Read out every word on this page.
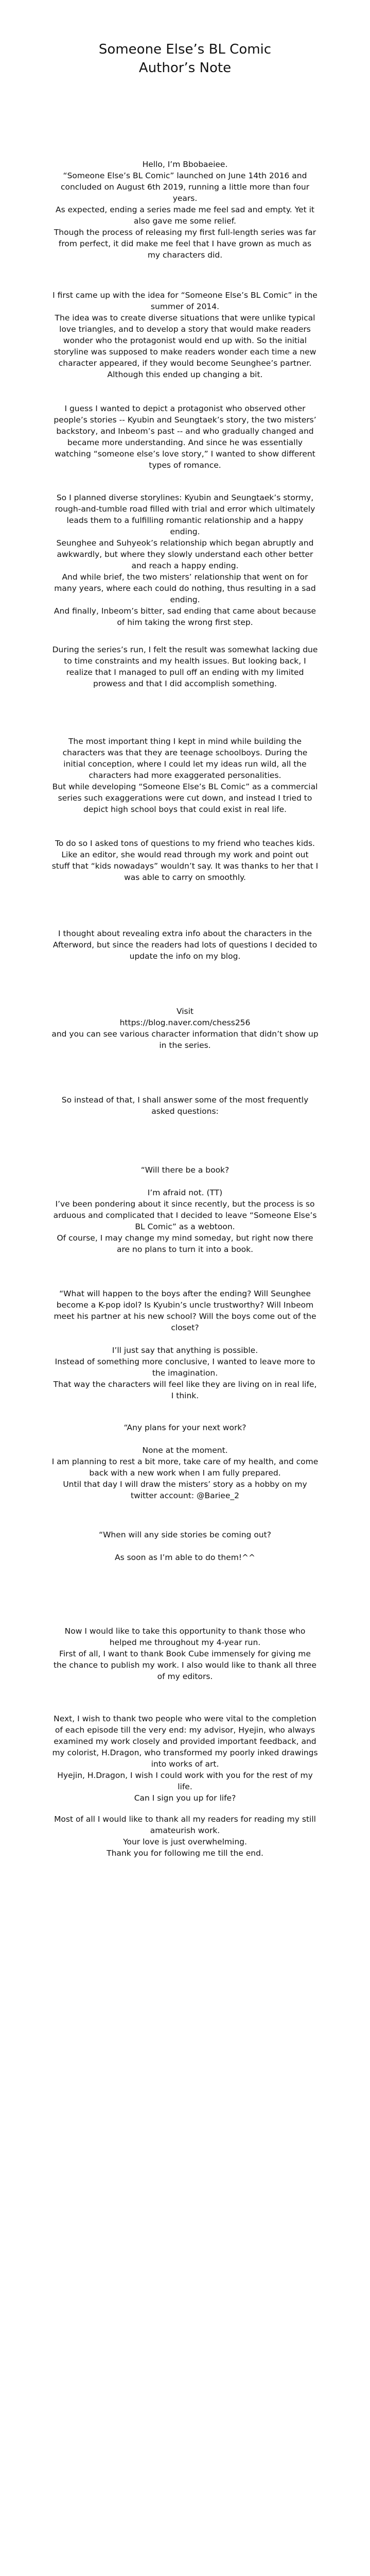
Someone Else’s BL Comic
Author’s Note

Hello, I’m Bbobaeiee.

“Someone Else’s BL Comic” launched on June 14th 2016 and concluded on August 6th 2019, running a little more than four years.

As expected, ending a series made me feel sad and empty. Yet it also gave me some relief.

Though the process of releasing my first full-length series was far from perfect, it did make me feel that I have grown as much as my characters did.

I first came up with the idea for “Someone Else’s BL Comic” in the summer of 2014.

The idea was to create diverse situations that were unlike typical love triangles, and to develop a story that would make readers wonder who the protagonist would end up with. So the initial storyline was supposed to make readers wonder each time a new character appeared, if they would become Seunghee’s partner. Although this ended up changing a bit.

I guess I wanted to depict a protagonist who observed other people’s stories -- Kyubin and Seungtaek’s story, the two misters’ backstory, and Inbeom’s past -- and who gradually changed and became more understanding. And since he was essentially watching “someone else’s love story,” I wanted to show different types of romance.

So I planned diverse storylines: Kyubin and Seungtaek’s stormy, rough-and-tumble road filled with trial and error which ultimately leads them to a fulfilling romantic relationship and a happy ending.

Seunghee and Suhyeok’s relationship which began abruptly and awkwardly, but where they slowly understand each other better and reach a happy ending.

And while brief, the two misters’ relationship that went on for many years, where each could do nothing, thus resulting in a sad ending.

And finally, Inbeom’s bitter, sad ending that came about because of him taking the wrong first step.

During the series’s run, I felt the result was somewhat lacking due to time constraints and my health issues. But looking back, I realize that I managed to pull off an ending with my limited prowess and that I did accomplish something.

The most important thing I kept in mind while building the characters was that they are teenage schoolboys. During the initial conception, where I could let my ideas run wild, all the characters had more exaggerated personalities.

But while developing “Someone Else’s BL Comic” as a commercial series such exaggerations were cut down, and instead I tried to depict high school boys that could exist in real life.

To do so I asked tons of questions to my friend who teaches kids. Like an editor, she would read through my work and point out stuff that “kids nowadays” wouldn’t say. It was thanks to her that I was able to carry on smoothly.

I thought about revealing extra info about the characters in the Afterword, but since the readers had lots of questions I decided to update the info on my blog.

Visit

https://blog.naver.com/chess256

and you can see various character information that didn’t show up in the series.

So instead of that, I shall answer some of the most frequently asked questions:

“Will there be a book?

I’m afraid not. (TT)

I’ve been pondering about it since recently, but the process is so arduous and complicated that I decided to leave “Someone Else’s BL Comic” as a webtoon.

Of course, I may change my mind someday, but right now there are no plans to turn it into a book.

“What will happen to the boys after the ending? Will Seunghee become a K-pop idol? Is Kyubin’s uncle trustworthy? Will Inbeom meet his partner at his new school? Will the boys come out of the closet?

I’ll just say that anything is possible.

Instead of something more conclusive, I wanted to leave more to the imagination.

That way the characters will feel like they are living on in real life, I think.

“Any plans for your next work?

None at the moment.

I am planning to rest a bit more, take care of my health, and come back with a new work when I am fully prepared.

Until that day I will draw the misters’ story as a hobby on my twitter account: @Bariee_2

“When will any side stories be coming out?

As soon as I’m able to do them!^^

Now I would like to take this opportunity to thank those who helped me throughout my 4-year run.

First of all, I want to thank Book Cube immensely for giving me the chance to publish my work. I also would like to thank all three of my editors.

Next, I wish to thank two people who were vital to the completion of each episode till the very end: my advisor, Hyejin, who always examined my work closely and provided important feedback, and my colorist, H.Dragon, who transformed my poorly inked drawings into works of art.

Hyejin, H.Dragon, I wish I could work with you for the rest of my life.

Can I sign you up for life?

Most of all I would like to thank all my readers for reading my still amateurish work.

Your love is just overwhelming.

Thank you for following me till the end.
